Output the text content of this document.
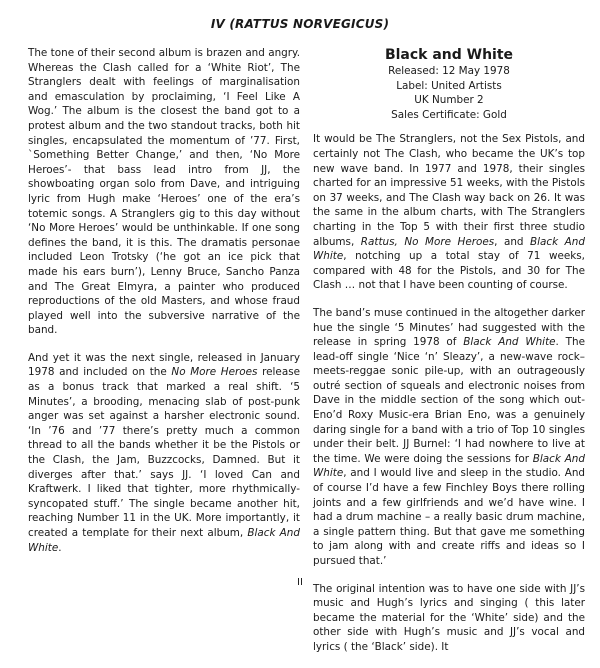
IV (RATTUS NORVEGICUS)

The tone of their second album is brazen and angry. Whereas the Clash called for a ‘White Riot’, The Stranglers dealt with feelings of marginalisation and emasculation by proclaiming, ‘I Feel Like A Wog.’ The album is the closest the band got to a protest album and the two standout tracks, both hit singles, encapsulated the momentum of ’77. First, `Something Better Change,’ and then, ‘No More Heroes’- that bass lead intro from JJ, the showboating organ solo from Dave, and intriguing lyric from Hugh make ‘Heroes’ one of the era’s totemic songs. A Stranglers gig to this day without ‘No More Heroes’ would be unthinkable. If one song defines the band, it is this. The dramatis personae included Leon Trotsky (‘he got an ice pick that made his ears burn’), Lenny Bruce, Sancho Panza and The Great Elmyra, a painter who produced reproductions of the old Masters, and whose fraud played well into the subversive narrative of the band.

And yet it was the next single, released in January 1978 and included on the No More Heroes release as a bonus track that marked a real shift. ‘5 Minutes’, a brooding, menacing slab of post-punk anger was set against a harsher electronic sound. ‘In ’76 and ’77 there’s pretty much a common thread to all the bands whether it be the Pistols or the Clash, the Jam, Buzzcocks, Damned. But it diverges after that.’ says JJ. ‘I loved Can and Kraftwerk. I liked that tighter, more rhythmically-syncopated stuff.’ The single became another hit, reaching Number 11 in the UK. More importantly, it created a template for their next album, Black And White.

Black and White
Released: 12 May 1978
Label: United Artists
UK Number 2
Sales Certificate: Gold

It would be The Stranglers, not the Sex Pistols, and certainly not The Clash, who became the UK’s top new wave band. In 1977 and 1978, their singles charted for an impressive 51 weeks, with the Pistols on 37 weeks, and The Clash way back on 26. It was the same in the album charts, with The Stranglers charting in the Top 5 with their first three studio albums, Rattus, No More Heroes, and Black And White, notching up a total stay of 71 weeks, compared with 48 for the Pistols, and 30 for The Clash … not that I have been counting of course.

The band’s muse continued in the altogether darker hue the single ‘5 Minutes’ had suggested with the release in spring 1978 of Black And White. The lead-off single ‘Nice ‘n’ Sleazy’, a new-wave rock–meets-reggae sonic pile-up, with an outrageously outré section of squeals and electronic noises from Dave in the middle section of the song which out-Eno’d Roxy Music-era Brian Eno, was a genuinely daring single for a band with a trio of Top 10 singles under their belt. JJ Burnel: ‘I had nowhere to live at the time. We were doing the sessions for Black And White, and I would live and sleep in the studio. And of course I’d have a few Finchley Boys there rolling joints and a few girlfriends and we’d have wine. I had a drum machine – a really basic drum machine, a single pattern thing. But that gave me something to jam along with and create riffs and ideas so I pursued that.’

The original intention was to have one side with JJ’s music and Hugh’s lyrics and singing ( this later became the material for the ‘White’ side) and the other side with Hugh’s music and JJ’s vocal and lyrics ( the ‘Black’ side). It

II
